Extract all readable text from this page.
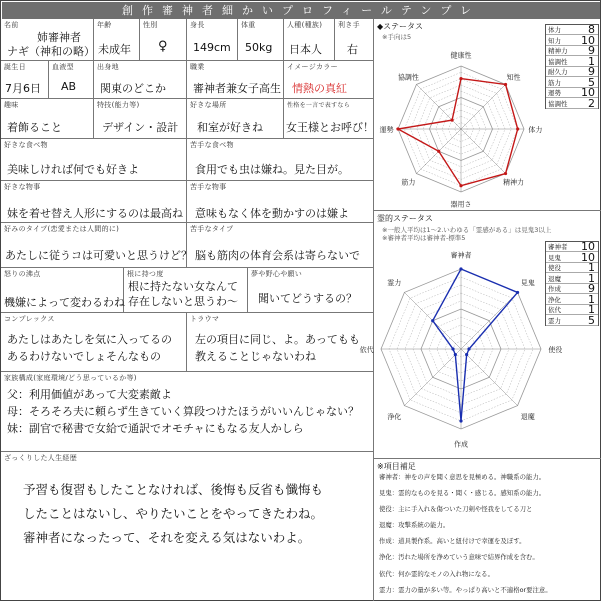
創作審神者細かいプロフィールテンプレ
名前
姉審神者
ナギ（神和の略）
年齢
未成年
性別
♀
身長
149cm
体重
50kg
人種(種族)
日本人
利き手
右
誕生日
7月6日
血液型
AB
出身地
関東のどこか
職業
審神者兼女子高生
イメージカラー
情熱の真紅
趣味
着飾ること
特技(能力等)
デザイン・設計
好きな場所
和室が好きね
性格を一言で表すなら
女王様とお呼び！
好きな食べ物
美味しければ何でも好きよ
苦手な食べ物
食用でも虫は嫌ね。見た目が。
好きな物事
妹を着せ替え人形にするのは最高ね
苦手な物事
意味もなく体を動かすのは嫌よ
好みのタイプ(恋愛または人間的に)
あたしに従うコは可愛いと思うけど？
苦手なタイプ
脳も筋肉の体育会系は寄らないで
怒りの沸点
機嫌によって変わるわね
根に持つ度
根に持たない女なんて存在しないと思うわ〜
夢や野心や願い
聞いてどうするの？
コンプレックス
あたしはあたしを気に入ってるのあるわけないでしょそんなもの
トラウマ
左の項目に同じ、よ。あってもも教えることじゃないわね
家族構成(家庭環境/どう思っているか等)
父：利用価値があって大変素敵よ
母：そろそろ夫に頼らず生きていく算段つけたほうがいいんじゃない？
妹：副官で秘書で女給で通訳でオモチャにもなる友人かしら
ざっくりした人生経歴
予習も復習もしたことなければ、後悔も反省も懺悔も
したことはないし、やりたいことをやってきたわね。
審神者になったって、それを変える気はないわよ。
◆ステータス
※手向は5
健康性
知性
体力
精神力
器用さ
筋力
運勢
協調性
体力 8
知力 10
精神力 9
協調性 1
耐久力 9
筋力 5
運勢 10
協調性 2
霊的ステータス
※一般人平均は1〜2.いわゆる「霊感がある」は見鬼3以上
※審神者平均は審神者-標準5
審神者
見鬼
使役
退魔
作成
浄化
依代
霊力
審神者 10
見鬼 10
使役 1
退魔 1
作成 9
浄化 1
依代 1
霊力 5
※項目補足
審神者：神をの声を聞く意思を見極める。神職系の能力。
見鬼：霊的なものを見る・聞く・感じる。感知系の能力。
使役：主に手入れ＆傷ついた刀剣や怪我をしてる刀と
退魔：攻撃系統の能力。
作成：道具製作系。高いと紐付けで幸運を及ぼす。
浄化：汚れた場所を浄めていう意味で結界作成を含む。
依代：何か霊的なモノの入れ物になる。
霊力：霊力の量が多い等。やっぱり高いと不適格or要注意。
